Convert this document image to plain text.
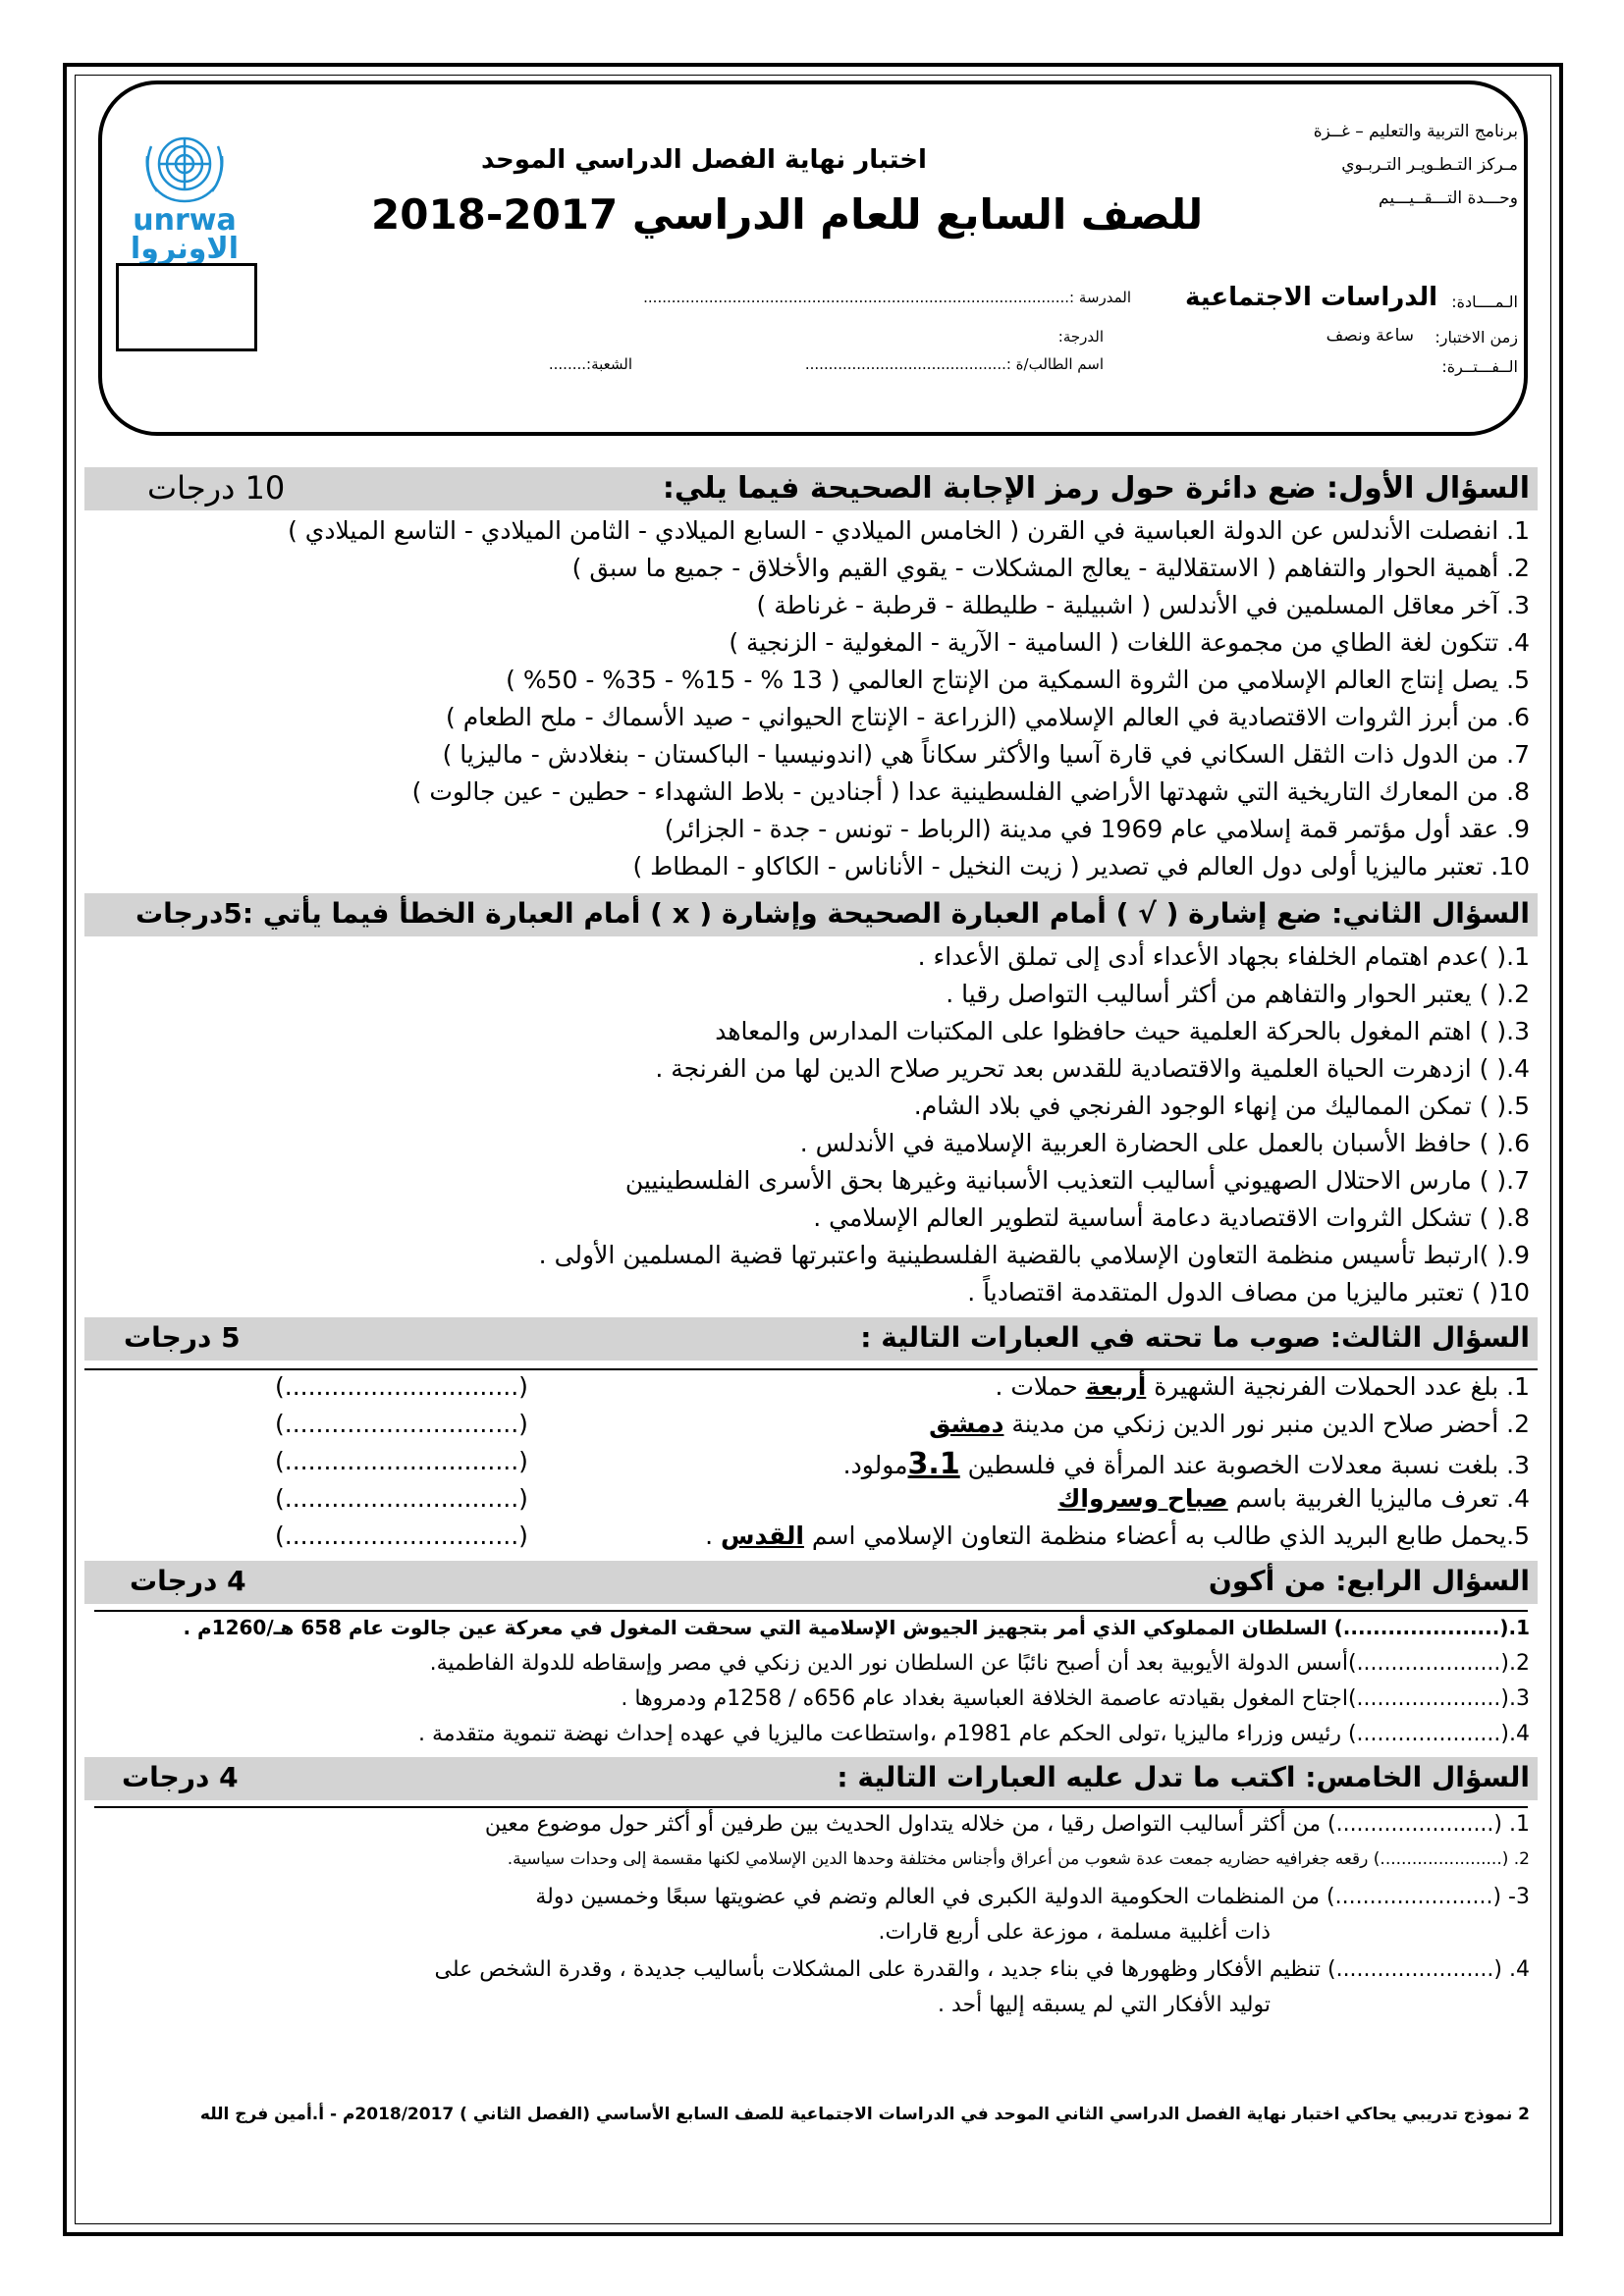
unrwa
الاونروا
برنامج التربية والتعليم – غــزة
مـركز التـطـويـر التـربـوي
وحـــدة التـــقــيـــيم
اختبار نهاية الفصل الدراسي الموحد
للصف السابع للعام الدراسي 2017-2018
الـمــــادة:
الدراسات الاجتماعية
زمن الاختبار:
ساعة ونصف
الــفـــتــرة:
المدرسة :...........................................................................................
الدرجة:
اسم الطالب/ة :...........................................
الشعبة:........
السؤال الأول: ضع دائرة حول رمز الإجابة الصحيحة فيما يلي:
10 درجات
1. انفصلت الأندلس عن الدولة العباسية في القرن ( الخامس الميلادي - السابع الميلادي - الثامن الميلادي - التاسع الميلادي )
2. أهمية الحوار والتفاهم ( الاستقلالية - يعالج المشكلات - يقوي القيم والأخلاق - جميع ما سبق )
3. آخر معاقل المسلمين في الأندلس ( اشبيلية - طليطلة - قرطبة - غرناطة )
4. تتكون لغة الطاي من مجموعة اللغات ( السامية - الآرية - المغولية - الزنجية )
5. يصل إنتاج العالم الإسلامي من الثروة السمكية من الإنتاج العالمي ( 13 % - 15% - 35% - 50% )
6. من أبرز الثروات الاقتصادية في العالم الإسلامي (الزراعة - الإنتاج الحيواني - صيد الأسماك - ملح الطعام )
7. من الدول ذات الثقل السكاني في قارة آسيا والأكثر سكاناً هي (اندونيسيا - الباكستان - بنغلادش - ماليزيا )
8. من المعارك التاريخية التي شهدتها الأراضي الفلسطينية عدا ( أجنادين - بلاط الشهداء - حطين - عين جالوت )
9. عقد أول مؤتمر قمة إسلامي عام 1969 في مدينة (الرباط - تونس - جدة - الجزائر)
10. تعتبر ماليزيا أولى دول العالم في تصدير ( زيت النخيل - الأناناس - الكاكاو - المطاط )
السؤال الثاني: ضع إشارة ( √ ) أمام العبارة الصحيحة وإشارة ( x ) أمام العبارة الخطأ فيما يأتي :
5درجات
1.( )عدم اهتمام الخلفاء بجهاد الأعداء أدى إلى تملق الأعداء .
2.( ) يعتبر الحوار والتفاهم من أكثر أساليب التواصل رقيا .
3.( ) اهتم المغول بالحركة العلمية حيث حافظوا على المكتبات المدارس والمعاهد
4.( ) ازدهرت الحياة العلمية والاقتصادية للقدس بعد تحرير صلاح الدين لها من الفرنجة .
5.( ) تمكن المماليك من إنهاء الوجود الفرنجي في بلاد الشام.
6.( ) حافظ الأسبان بالعمل على الحضارة العربية الإسلامية في الأندلس .
7.( ) مارس الاحتلال الصهيوني أساليب التعذيب الأسبانية وغيرها بحق الأسرى الفلسطينيين
8.( ) تشكل الثروات الاقتصادية دعامة أساسية لتطوير العالم الإسلامي .
9.( )ارتبط تأسيس منظمة التعاون الإسلامي بالقضية الفلسطينية واعتبرتها قضية المسلمين الأولى .
10( ) تعتبر ماليزيا من مصاف الدول المتقدمة اقتصادياً .
السؤال الثالث: صوب ما تحته في العبارات التالية :
5 درجات
1. بلغ عدد الحملات الفرنجية الشهيرة أربعة حملات .
(..............................)
2. أحضر صلاح الدين منبر نور الدين زنكي من مدينة دمشق
(..............................)
3. بلغت نسبة معدلات الخصوبة عند المرأة في فلسطين 3.1مولود.
(..............................)
4. تعرف ماليزيا الغربية باسم صباح وسرواك
(..............................)
5.يحمل طابع البريد الذي طالب به أعضاء منظمة التعاون الإسلامي اسم القدس .
(..............................)
السؤال الرابع: من أكون
4 درجات
1.(.....................) السلطان المملوكي الذي أمر بتجهيز الجيوش الإسلامية التي سحقت المغول في معركة عين جالوت عام 658 هـ/1260م .
2.(.....................)أسس الدولة الأيوبية بعد أن أصبح نائبًا عن السلطان نور الدين زنكي في مصر وإسقاطه للدولة الفاطمية.
3.(.....................)اجتاح المغول بقيادته عاصمة الخلافة العباسية بغداد عام 656ه / 1258م ودمروها .
4.(.....................) رئيس وزراء ماليزيا ،تولى الحكم عام 1981م ،واستطاعت ماليزيا في عهده إحداث نهضة تنموية متقدمة .
السؤال الخامس: اكتب ما تدل عليه العبارات التالية :
4 درجات
1. (.......................) من أكثر أساليب التواصل رقيا ، من خلاله يتداول الحديث بين طرفين أو أكثر حول موضوع معين
2. (.......................) رقعه جغرافيه حضاريه جمعت عدة شعوب من أعراق وأجناس مختلفة وحدها الدين الإسلامي لكنها مقسمة إلى وحدات سياسية.
3- (.......................) من المنظمات الحكومية الدولية الكبرى في العالم وتضم في عضويتها سبعًا وخمسين دولة
ذات أغلبية مسلمة ، موزعة على أربع قارات.
4. (.......................) تنظيم الأفكار وظهورها في بناء جديد ، والقدرة على المشكلات بأساليب جديدة ، وقدرة الشخص على
توليد الأفكار التي لم يسبقه إليها أحد .
2 نموذج تدريبي يحاكي اختبار نهاية الفصل الدراسي الثاني الموحد في الدراسات الاجتماعية للصف السابع الأساسي (الفصل الثاني ) 2018/2017م - أ.أمين فرج الله
